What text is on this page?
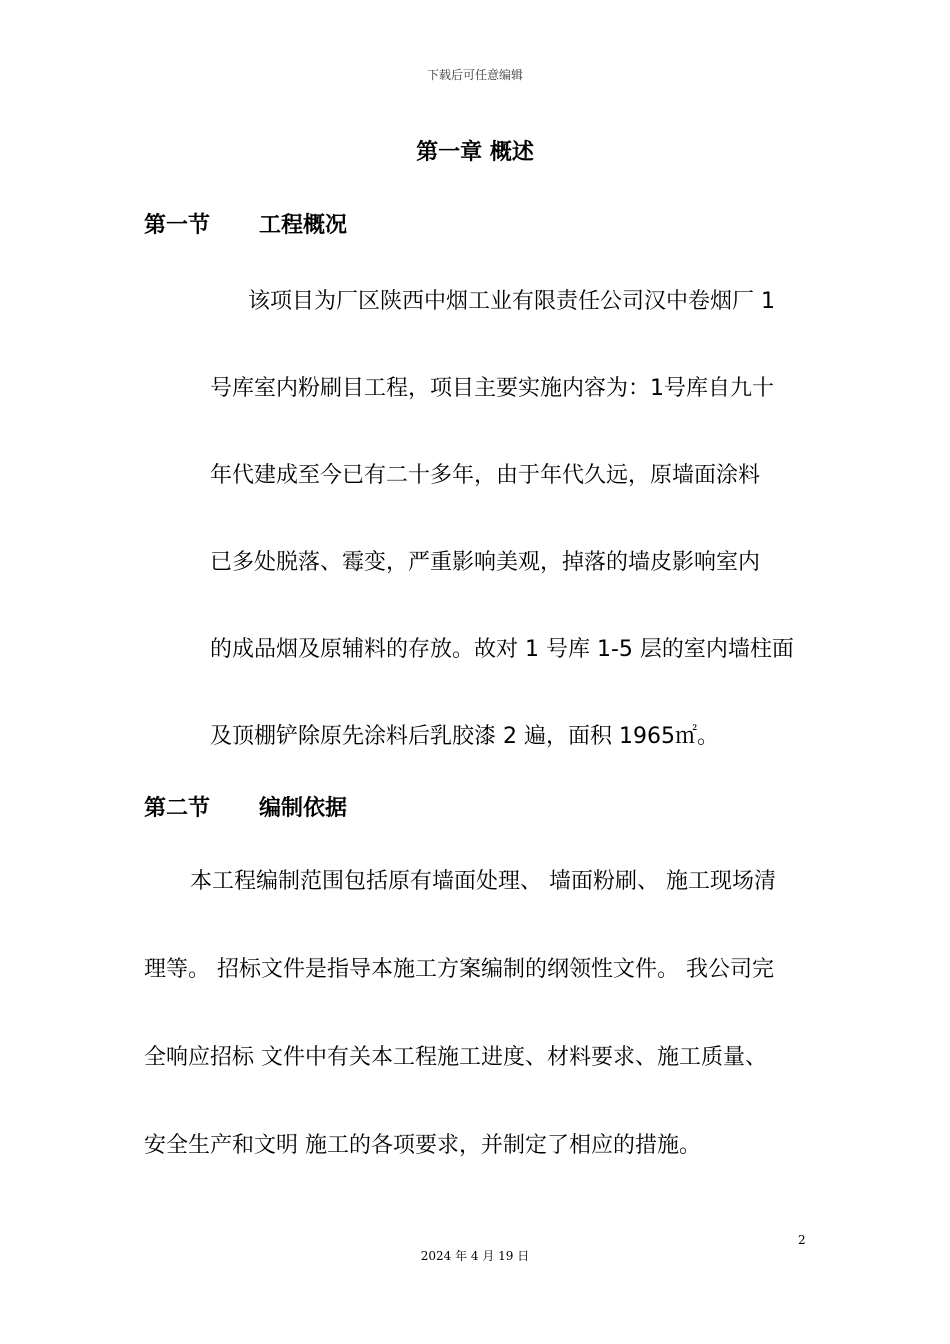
下载后可任意编辑
第一章 概述
第一节 工程概况
该项目为厂区陕西中烟工业有限责任公司汉中卷烟厂 1
号库室内粉刷目工程，项目主要实施内容为：1号库自九十
年代建成至今已有二十多年，由于年代久远，原墙面涂料
已多处脱落、霉变，严重影响美观，掉落的墙皮影响室内
的成品烟及原辅料的存放。故对 1 号库 1-5 层的室内墙柱面
及顶棚铲除原先涂料后乳胶漆 2 遍，面积 1965㎡。
第二节 编制依据
本工程编制范围包括原有墙面处理、 墙面粉刷、 施工现场清
理等。 招标文件是指导本施工方案编制的纲领性文件。 我公司完
全响应招标 文件中有关本工程施工进度、材料要求、施工质量、
安全生产和文明 施工的各项要求，并制定了相应的措施。
2
2024 年 4 月 19 日
